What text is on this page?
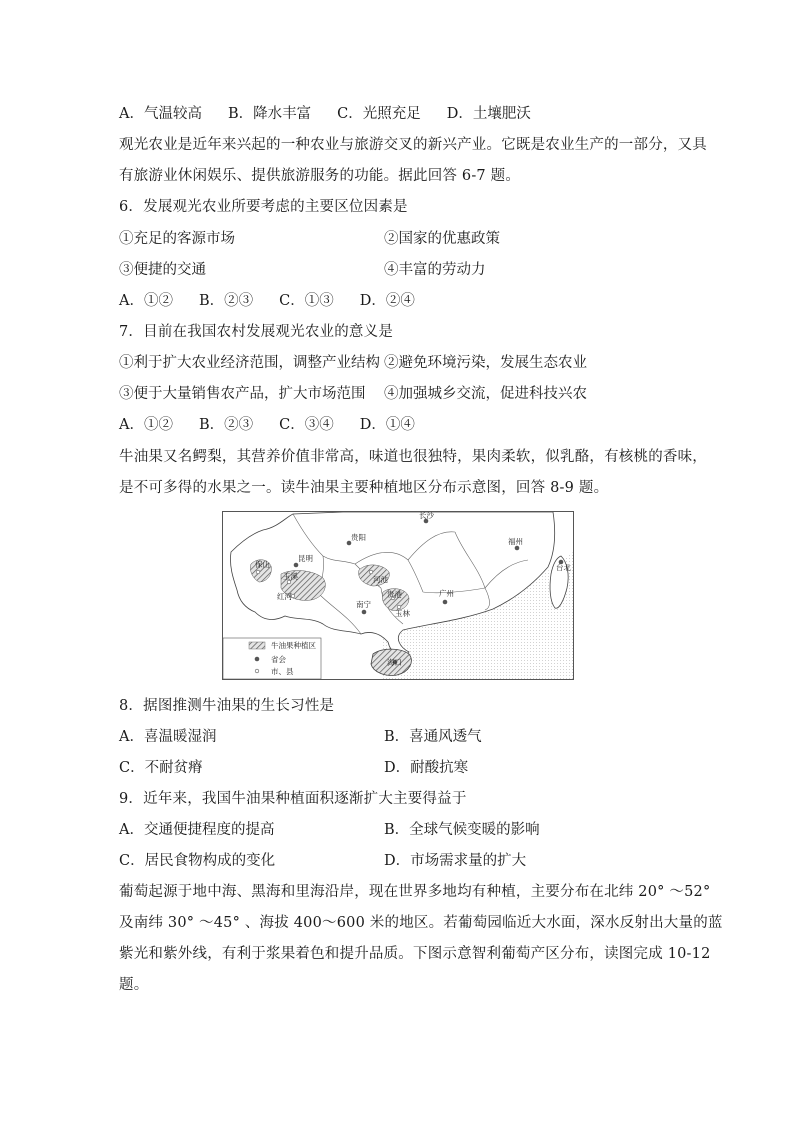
A．气温较高 B．降水丰富 C．光照充足 D．土壤肥沃
观光农业是近年来兴起的一种农业与旅游交叉的新兴产业。它既是农业生产的一部分，又具
有旅游业休闲娱乐、提供旅游服务的功能。据此回答 6-7 题。
6．发展观光农业所要考虑的主要区位因素是
①充足的客源市场	②国家的优惠政策
③便捷的交通	④丰富的劳动力
A．①② B．②③ C．①③ D．②④
7．目前在我国农村发展观光农业的意义是
①利于扩大农业经济范围，调整产业结构 ②避免环境污染，发展生态农业
③便于大量销售农产品，扩大市场范围 ④加强城乡交流，促进科技兴农
A．①② B．②③ C．③④ D．①④
牛油果又名鳄梨，其营养价值非常高，味道也很独特，果肉柔软，似乳酪，有核桃的香味，
是不可多得的水果之一。读牛油果主要种植地区分布示意图，回答 8-9 题。
长沙
贵阳
昆明
福州
保山
玉溪
红河
河池
南宁
贵港
玉林
广州
台北
海口
牛油果种植区
省会
市、县
8．据图推测牛油果的生长习性是
A．喜温暖湿润	B．喜通风透气
C．不耐贫瘠	D．耐酸抗寒
9．近年来，我国牛油果种植面积逐渐扩大主要得益于
A．交通便捷程度的提高	B．全球气候变暖的影响
C．居民食物构成的变化	D．市场需求量的扩大
葡萄起源于地中海、黑海和里海沿岸，现在世界多地均有种植，主要分布在北纬 20° ～52°
及南纬 30° ～45° 、海拔 400～600 米的地区。若葡萄园临近大水面，深水反射出大量的蓝
紫光和紫外线，有利于浆果着色和提升品质。下图示意智利葡萄产区分布，读图完成 10-12
题。
